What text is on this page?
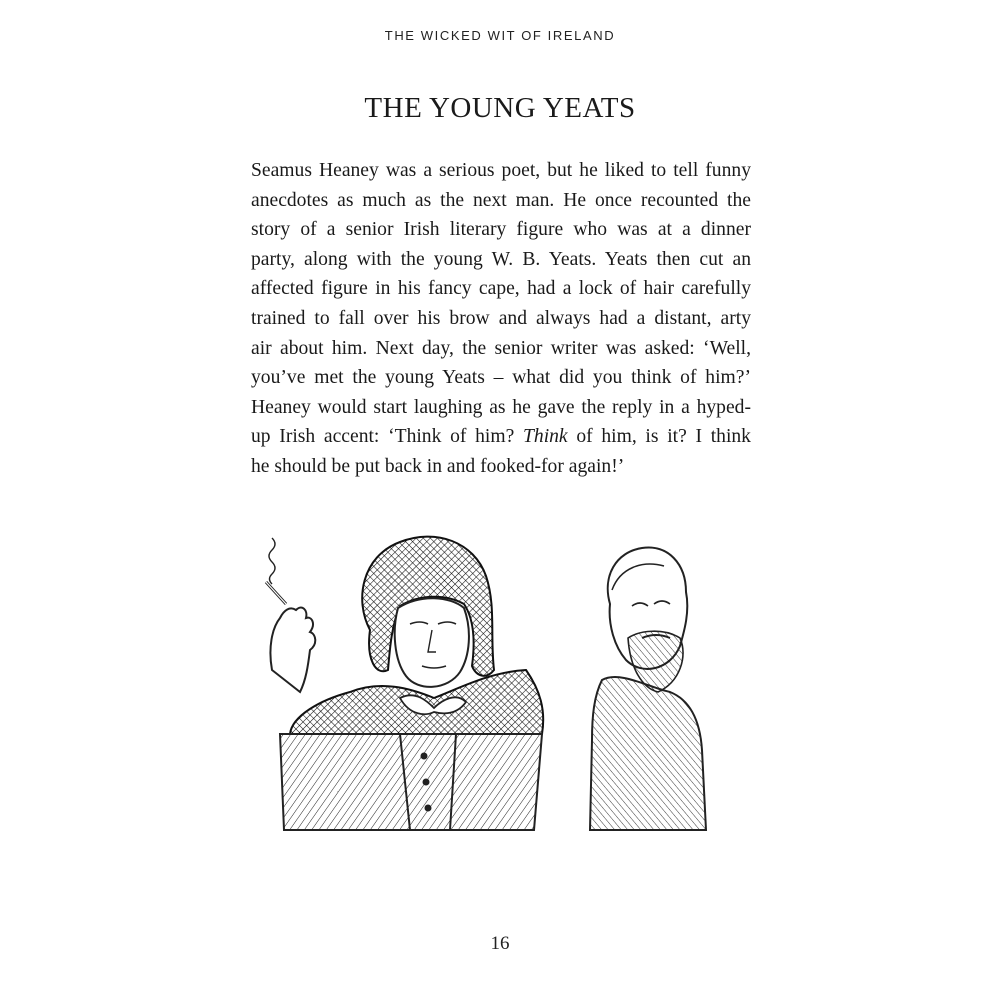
THE WICKED WIT OF IRELAND
THE YOUNG YEATS

Seamus Heaney was a serious poet, but he liked to tell funny
anecdotes as much as the next man. He once recounted the
story of a senior Irish literary figure who was at a dinner
party, along with the young W. B. Yeats. Yeats then cut an
affected figure in his fancy cape, had a lock of hair carefully
trained to fall over his brow and always had a distant, arty
air about him. Next day, the senior writer was asked: ‘Well,
you’ve met the young Yeats – what did you think of him?’
Heaney would start laughing as he gave the reply in a hyped-
up Irish accent: ‘Think of him? Think of him, is it? I think
he should be put back in and fooked-for again!’

16
